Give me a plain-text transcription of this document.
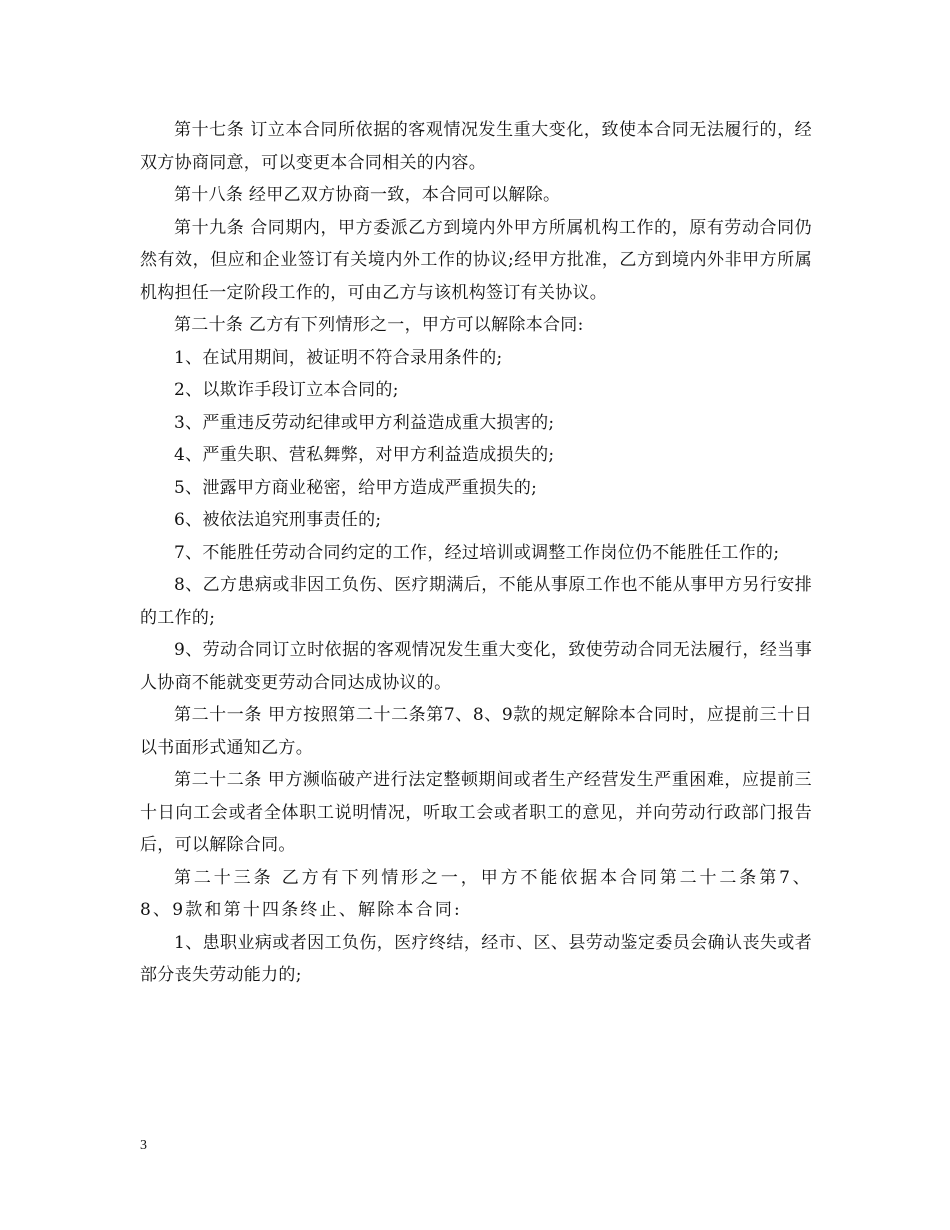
第十七条 订立本合同所依据的客观情况发生重大变化，致使本合同无法履行的，经双方协商同意，可以变更本合同相关的内容。

第十八条 经甲乙双方协商一致，本合同可以解除。

第十九条 合同期内，甲方委派乙方到境内外甲方所属机构工作的，原有劳动合同仍然有效，但应和企业签订有关境内外工作的协议;经甲方批准，乙方到境内外非甲方所属机构担任一定阶段工作的，可由乙方与该机构签订有关协议。

第二十条 乙方有下列情形之一，甲方可以解除本合同:

1、在试用期间，被证明不符合录用条件的;

2、以欺诈手段订立本合同的;

3、严重违反劳动纪律或甲方利益造成重大损害的;

4、严重失职、营私舞弊，对甲方利益造成损失的;

5、泄露甲方商业秘密，给甲方造成严重损失的;

6、被依法追究刑事责任的;

7、不能胜任劳动合同约定的工作，经过培训或调整工作岗位仍不能胜任工作的;

8、乙方患病或非因工负伤、医疗期满后，不能从事原工作也不能从事甲方另行安排的工作的;

9、劳动合同订立时依据的客观情况发生重大变化，致使劳动合同无法履行，经当事人协商不能就变更劳动合同达成协议的。

第二十一条 甲方按照第二十二条第7、8、9款的规定解除本合同时，应提前三十日以书面形式通知乙方。

第二十二条 甲方濒临破产进行法定整顿期间或者生产经营发生严重困难，应提前三十日向工会或者全体职工说明情况，听取工会或者职工的意见，并向劳动行政部门报告后，可以解除合同。

第二十三条 乙方有下列情形之一，甲方不能依据本合同第二十二条第7、8、9款和第十四条终止、解除本合同:

1、患职业病或者因工负伤，医疗终结，经市、区、县劳动鉴定委员会确认丧失或者部分丧失劳动能力的;

3
